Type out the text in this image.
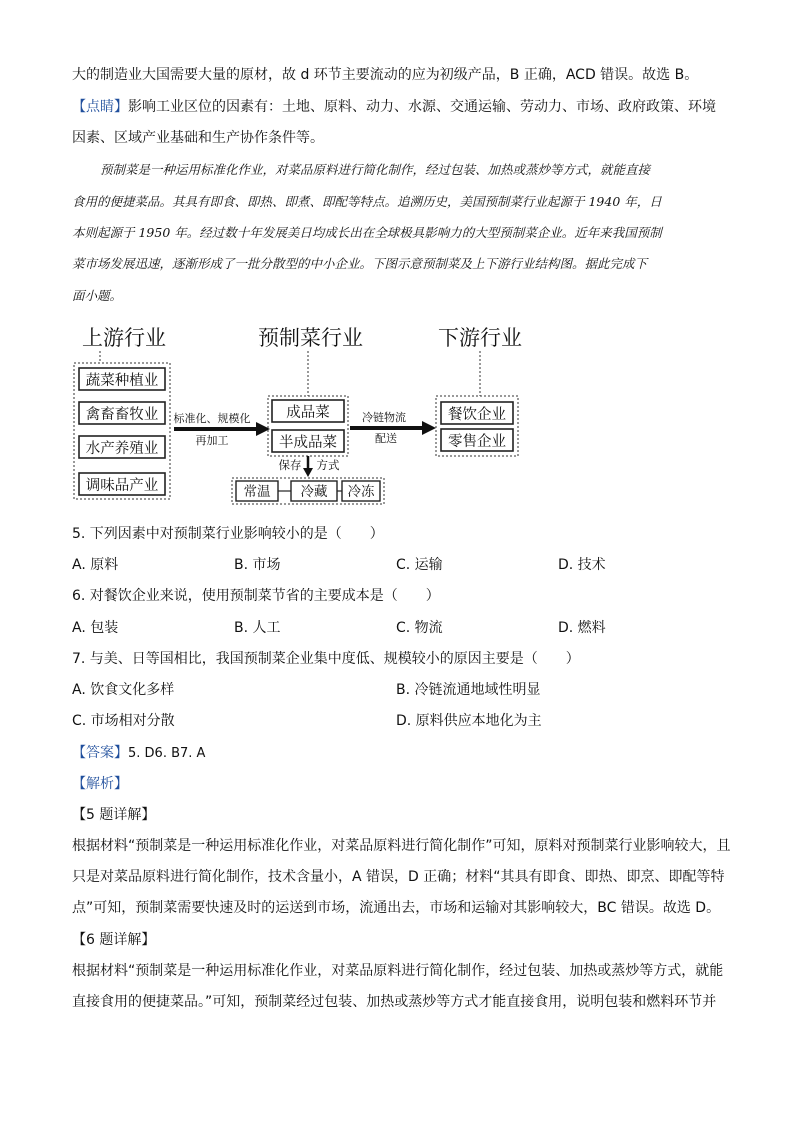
大的制造业大国需要大量的原材，故 d 环节主要流动的应为初级产品，B 正确，ACD 错误。故选 B。
【点睛】影响工业区位的因素有：土地、原料、动力、水源、交通运输、劳动力、市场、政府政策、环境
因素、区域产业基础和生产协作条件等。
预制菜是一种运用标准化作业，对菜品原料进行简化制作，经过包装、加热或蒸炒等方式，就能直接
食用的便捷菜品。其具有即食、即热、即煮、即配等特点。追溯历史，美国预制菜行业起源于 1940 年，日
本则起源于 1950 年。经过数十年发展美日均成长出在全球极具影响力的大型预制菜企业。近年来我国预制
菜市场发展迅速，逐渐形成了一批分散型的中小企业。下图示意预制菜及上下游行业结构图。据此完成下
面小题。
上游行业	预制菜行业	下游行业
蔬菜种植业
禽畜畜牧业
水产养殖业
调味品产业
标准化、规模化
再加工
成品菜
半成品菜
冷链物流
配送
餐饮企业
零售企业
保存 方式
常温 冷藏 冷冻
5. 下列因素中对预制菜行业影响较小的是（　　）
A. 原料	B. 市场	C. 运输	D. 技术
6. 对餐饮企业来说，使用预制菜节省的主要成本是（　　）
A. 包装	B. 人工	C. 物流	D. 燃料
7. 与美、日等国相比，我国预制菜企业集中度低、规模较小的原因主要是（　　）
A. 饮食文化多样	B. 冷链流通地域性明显
C. 市场相对分散	D. 原料供应本地化为主
【答案】5. D6. B7. A
【解析】
【5 题详解】
根据材料“预制菜是一种运用标准化作业，对菜品原料进行简化制作”可知，原料对预制菜行业影响较大，且
只是对菜品原料进行简化制作，技术含量小，A 错误，D 正确；材料“其具有即食、即热、即烹、即配等特
点”可知，预制菜需要快速及时的运送到市场，流通出去，市场和运输对其影响较大，BC 错误。故选 D。
【6 题详解】
根据材料“预制菜是一种运用标准化作业，对菜品原料进行简化制作，经过包装、加热或蒸炒等方式，就能
直接食用的便捷菜品。”可知，预制菜经过包装、加热或蒸炒等方式才能直接食用，说明包装和燃料环节并
